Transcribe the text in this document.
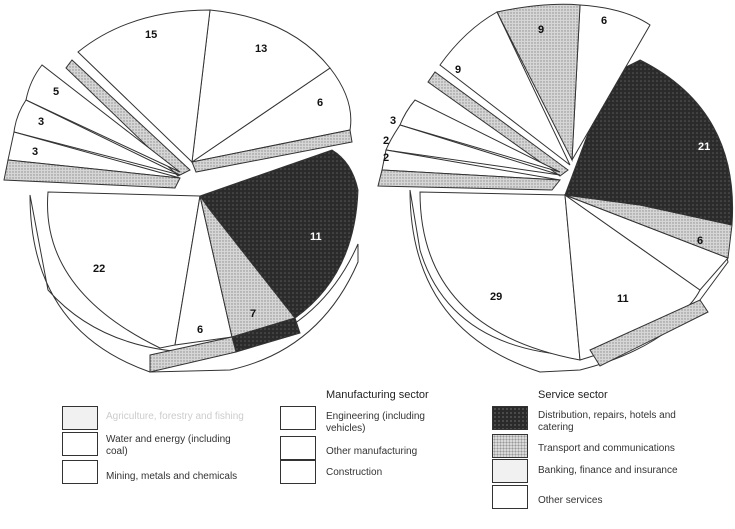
3
3
5
15
13
6
11
7
6
22
2
2
3
9
9
6
21
6
11
29
Manufacturing sector	Service sector
Agriculture, forestry and fishing
Water and energy (including coal)
Mining, metals and chemicals
Engineering (including vehicles)
Other manufacturing
Construction
Distribution, repairs, hotels and catering
Transport and communications
Banking, finance and insurance
Other services
